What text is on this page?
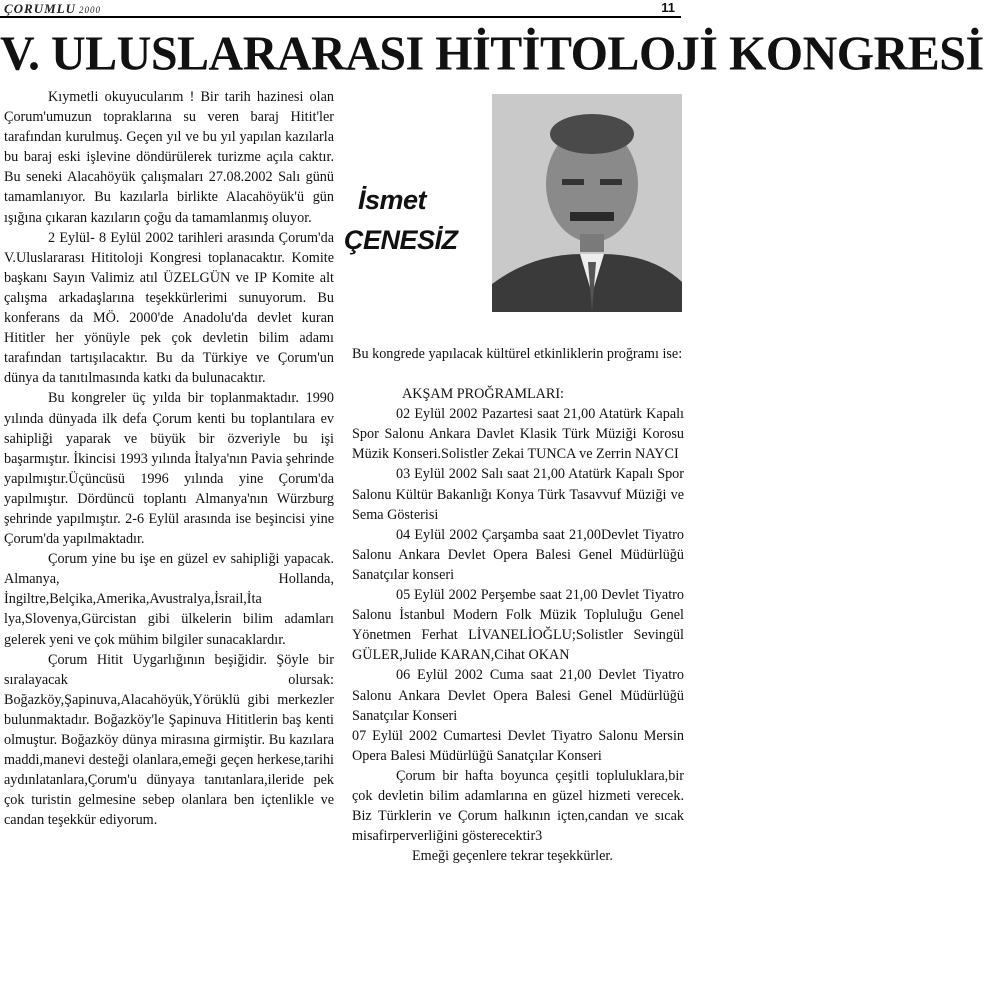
ÇORUMLU 2000	11
V. ULUSLARARASI HİTİTOLOJİ KONGRESİ

Kıymetli okuyucularım ! Bir tarih hazinesi olan Çorum'umuzun topraklarına su veren baraj Hitit'ler tarafından kurulmuş. Geçen yıl ve bu yıl yapılan kazılarla bu baraj eski işlevine döndürülerek turizme açıla caktır. Bu seneki Alacahöyük çalışmaları 27.08.2002 Salı günü tamamlanıyor. Bu kazılarla birlikte Alacahöyük'ü gün ışığına çıkaran kazıların çoğu da tamamlanmış oluyor.

2 Eylül- 8 Eylül 2002 tarihleri arasında Çorum'da V.Uluslararası Hititoloji Kongresi toplanacaktır. Komite başkanı Sayın Valimiz atıl ÜZELGÜN ve IP Komite alt çalışma arkadaşlarına teşekkürlerimi sunuyorum. Bu konferans da MÖ. 2000'de Anadolu'da devlet kuran Hititler her yönüyle pek çok devletin bilim adamı tarafından tartışılacaktır. Bu da Türkiye ve Çorum'un dünya da tanıtılmasında katkı da bulunacaktır.

Bu kongreler üç yılda bir toplanmaktadır. 1990 yılında dünyada ilk defa Çorum kenti bu toplantılara ev sahipliği yaparak ve büyük bir özveriyle bu işi başarmıştır. İkincisi 1993 yılında İtalya'nın Pavia şehrinde yapılmıştır.Üçüncüsü 1996 yılında yine Çorum'da yapılmıştır. Dördüncü toplantı Almanya'nın Würzburg şehrinde yapılmıştır. 2-6 Eylül arasında ise beşincisi yine Çorum'da yapılmaktadır.

Çorum yine bu işe en güzel ev sahipliği yapacak. Almanya, Hollanda, İngiltre,Belçika,Amerika,Avustralya,İsrail,İta lya,Slovenya,Gürcistan gibi ülkelerin bilim adamları gelerek yeni ve çok mühim bilgiler sunacaklardır.

Çorum Hitit Uygarlığının beşiğidir. Şöyle bir sıralayacak olursak: Boğazköy,Şapinuva,Alacahöyük,Yörüklü gibi merkezler bulunmaktadır. Boğazköy'le Şapinuva Hititlerin baş kenti olmuştur. Boğazköy dünya mirasına girmiştir. Bu kazılara maddi,manevi desteği olanlara,emeği geçen herkese,tarihi aydınlatanlara,Çorum'u dünyaya tanıtanlara,ileride pek çok turistin gelmesine sebep olanlara ben içtenlikle ve candan teşekkür ediyorum.

İsmet
ÇENESİZ

Bu kongrede yapılacak kültürel etkinliklerin proğramı ise:

AKŞAM PROĞRAMLARI:

02 Eylül 2002 Pazartesi saat 21,00 Atatürk Kapalı Spor Salonu Ankara Davlet Klasik Türk Müziği Korosu Müzik Konseri.Solistler Zekai TUNCA ve Zerrin NAYCI

03 Eylül 2002 Salı saat 21,00 Atatürk Kapalı Spor Salonu Kültür Bakanlığı Konya Türk Tasavvuf Müziği ve Sema Gösterisi

04 Eylül 2002 Çarşamba saat 21,00Devlet Tiyatro Salonu Ankara Devlet Opera Balesi Genel Müdürlüğü Sanatçılar konseri

05 Eylül 2002 Perşembe saat 21,00 Devlet Tiyatro Salonu İstanbul Modern Folk Müzik Topluluğu Genel Yönetmen Ferhat LİVANELİOĞLU;Solistler Sevingül GÜLER,Julide KARAN,Cihat OKAN

06 Eylül 2002 Cuma saat 21,00 Devlet Tiyatro Salonu Ankara Devlet Opera Balesi Genel Müdürlüğü Sanatçılar Konseri

07 Eylül 2002 Cumartesi Devlet Tiyatro Salonu Mersin Opera Balesi Müdürlüğü Sanatçılar Konseri

Çorum bir hafta boyunca çeşitli topluluklara,bir çok devletin bilim adamlarına en güzel hizmeti verecek. Biz Türklerin ve Çorum halkının içten,candan ve sıcak misafirperverliğini gösterecektir3

Emeği geçenlere tekrar teşekkürler.
